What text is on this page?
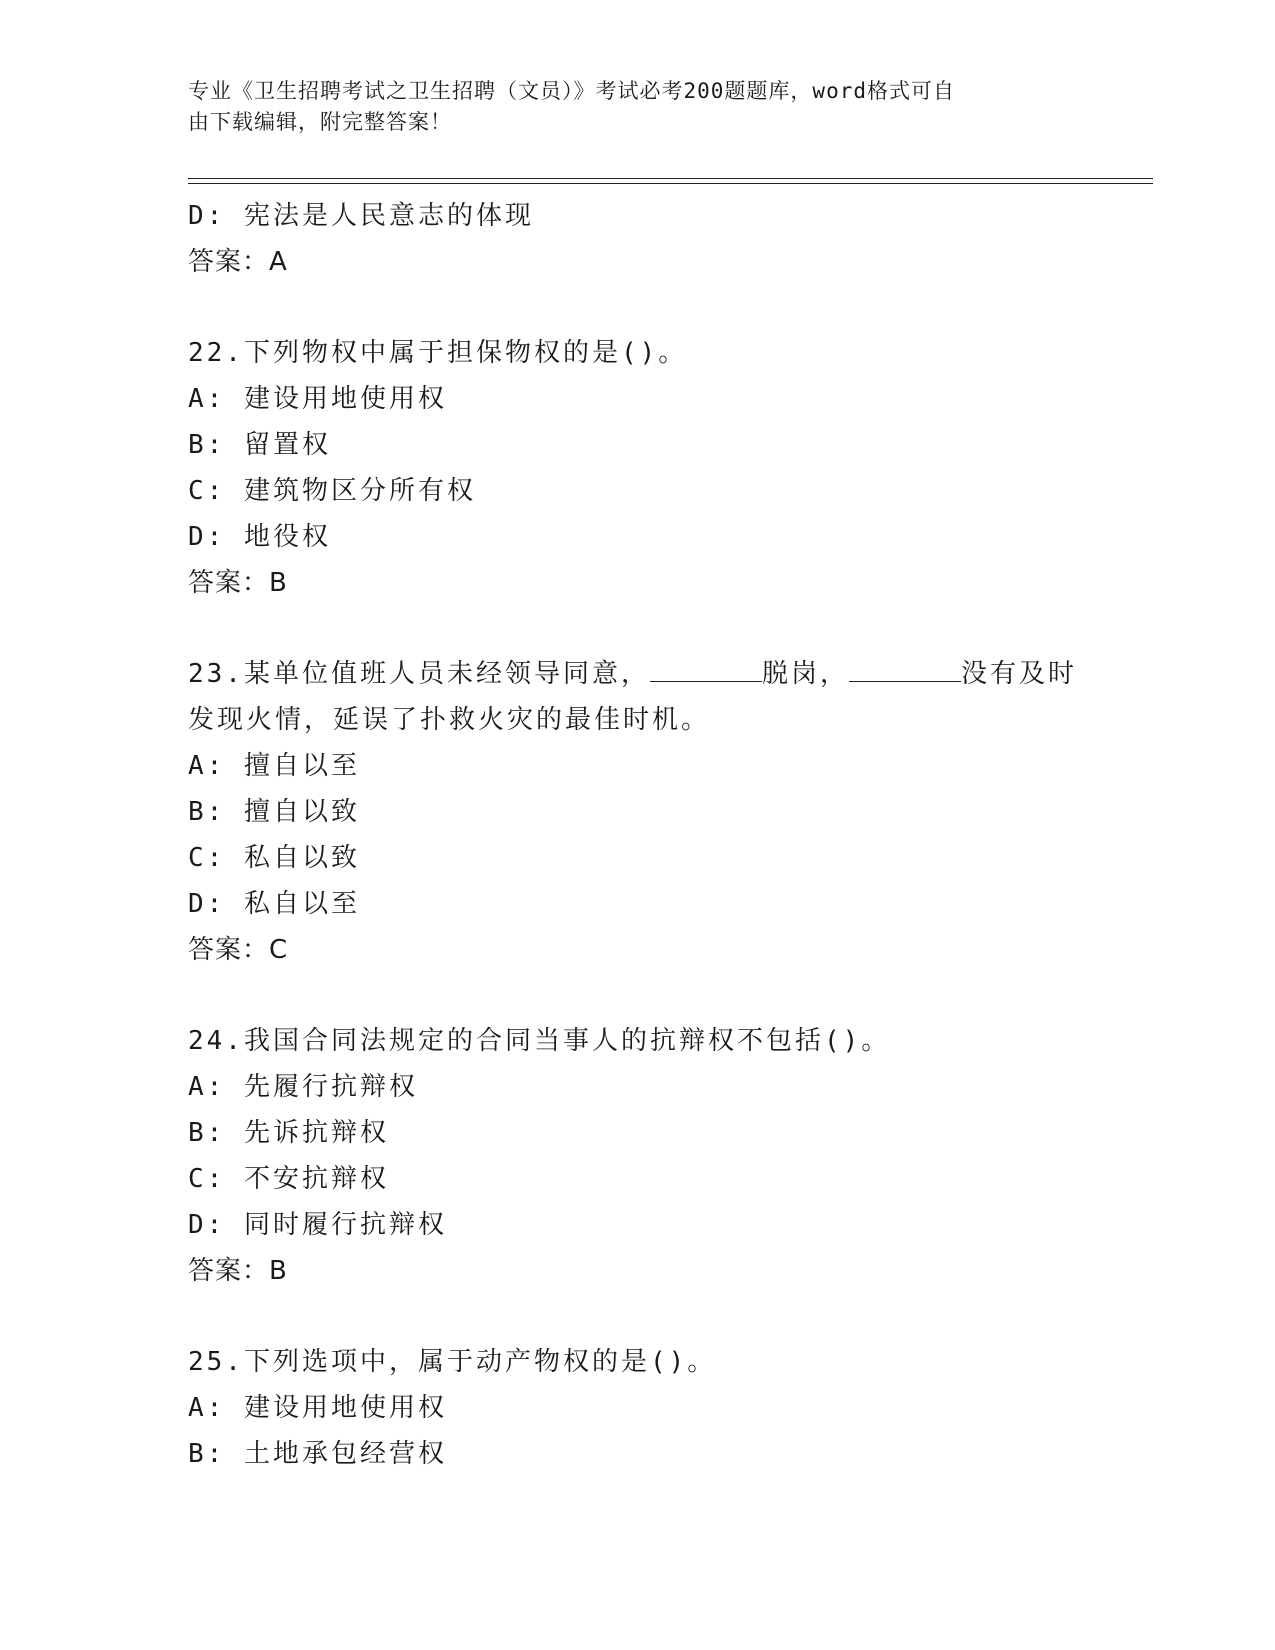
专业《卫生招聘考试之卫生招聘（文员）》考试必考200题题库，word格式可自
由下载编辑，附完整答案！
D: 宪法是人民意志的体现
答案：A
22.下列物权中属于担保物权的是()。
A: 建设用地使用权
B: 留置权
C: 建筑物区分所有权
D: 地役权
答案：B
23.某单位值班人员未经领导同意，	脱岗，	没有及时
发现火情，延误了扑救火灾的最佳时机。
A: 擅自以至
B: 擅自以致
C: 私自以致
D: 私自以至
答案：C
24.我国合同法规定的合同当事人的抗辩权不包括()。
A: 先履行抗辩权
B: 先诉抗辩权
C: 不安抗辩权
D: 同时履行抗辩权
答案：B
25.下列选项中，属于动产物权的是()。
A: 建设用地使用权
B: 土地承包经营权
